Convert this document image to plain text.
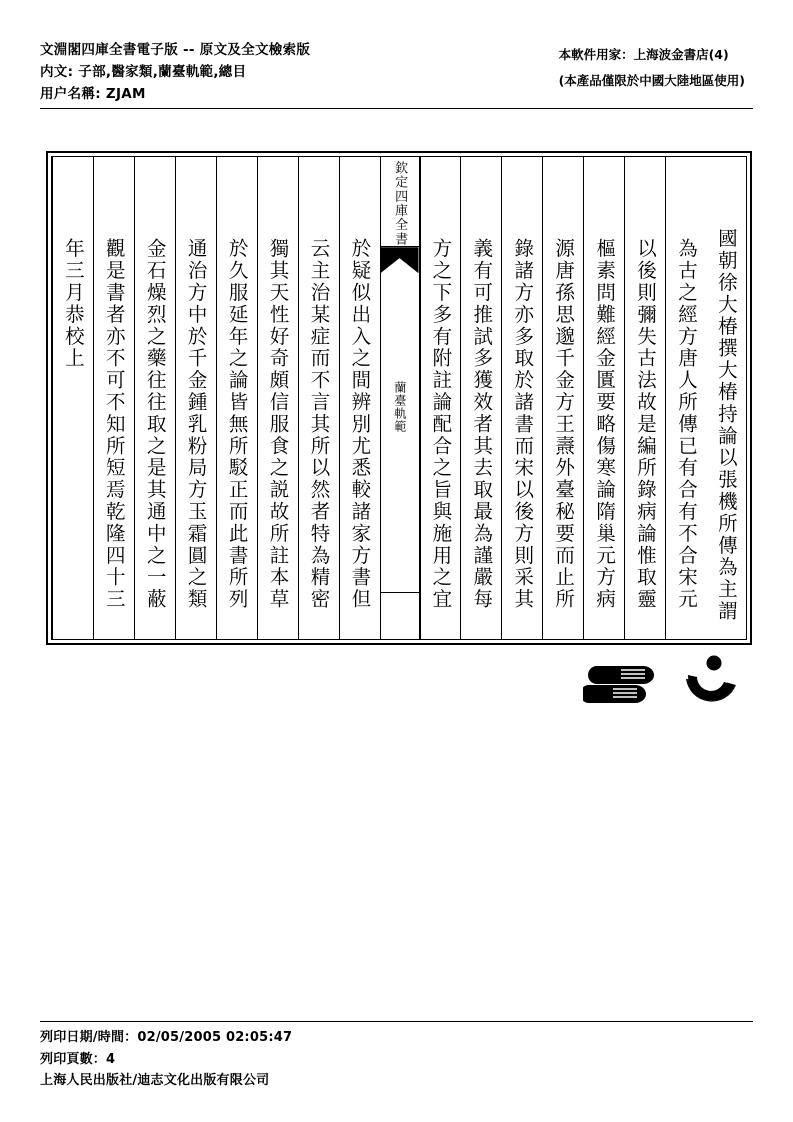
文淵閣四庫全書電子版 -- 原文及全文檢索版
内文: 子部,醫家類,蘭臺軌範,總目
用户名稱: ZJAM
本軟件用家：上海波金書店(4)
(本產品僅限於中國大陸地區使用)
國朝徐大椿撰大椿持論以張機所傳為主謂
為古之經方唐人所傳已有合有不合宋元
以後則彌失古法故是編所錄病論惟取靈
樞素問難經金匱要略傷寒論隋巢元方病
源唐孫思邈千金方王燾外臺秘要而止所
錄諸方亦多取於諸書而宋以後方則采其
義有可推試多獲效者其去取最為謹嚴每
方之下多有附註論配合之旨與施用之宜
欽定四庫全書
蘭臺軌範
於疑似出入之間辨別尤悉較諸家方書但
云主治某症而不言其所以然者特為精密
獨其天性好奇頗信服食之説故所註本草
於久服延年之論皆無所駁正而此書所列
通治方中於千金鍾乳粉局方玉霜圓之類
金石燥烈之藥往往取之是其通中之一蔽
觀是書者亦不可不知所短焉乾隆四十三
年三月恭校上
列印日期/時間：02/05/2005 02:05:47
列印頁數：4
上海人民出版社/迪志文化出版有限公司
